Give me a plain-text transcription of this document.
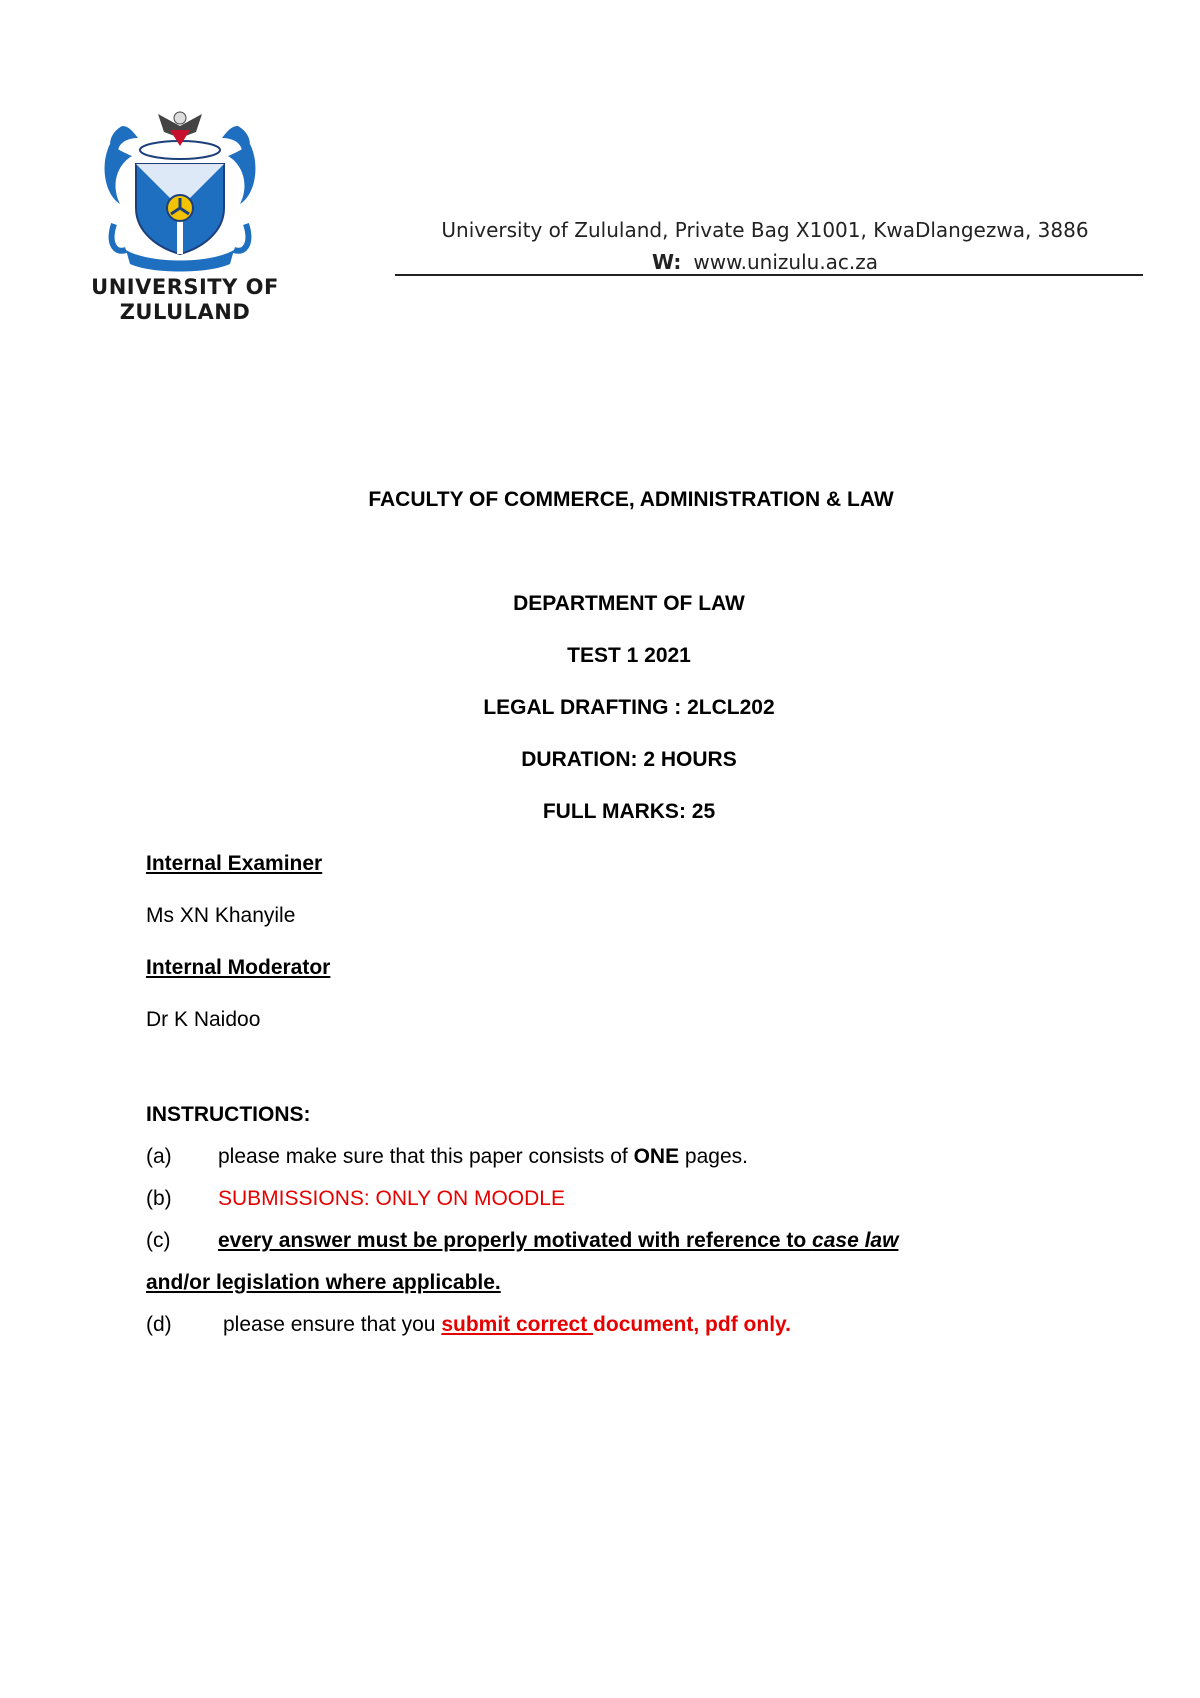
UNIVERSITY OF
ZULULAND
University of Zululand, Private Bag X1001, KwaDlangezwa, 3886
W: www.unizulu.ac.za
FACULTY OF COMMERCE, ADMINISTRATION & LAW
DEPARTMENT OF LAW
TEST 1 2021
LEGAL DRAFTING : 2LCL202
DURATION: 2 HOURS
FULL MARKS: 25
Internal Examiner
Ms XN Khanyile
Internal Moderator
Dr K Naidoo
INSTRUCTIONS:
(a) please make sure that this paper consists of ONE pages.
(b) SUBMISSIONS: ONLY ON MOODLE
(c) every answer must be properly motivated with reference to case law
and/or legislation where applicable.
(d) please ensure that you submit correct document, pdf only.
